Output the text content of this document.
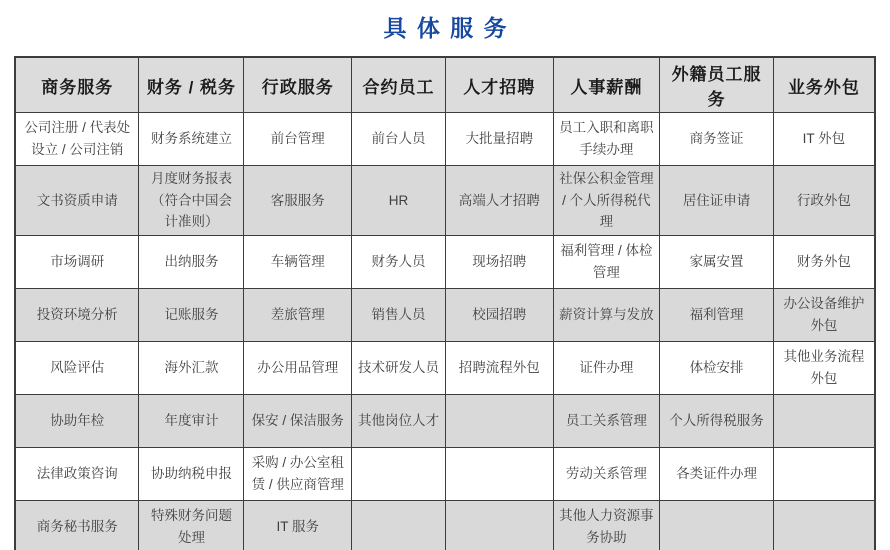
具体服务
商务服务	财务 / 税务	行政服务	合约员工	人才招聘	人事薪酬	外籍员工服务	业务外包
公司注册 / 代表处设立 / 公司注销	财务系统建立	前台管理	前台人员	大批量招聘	员工入职和离职手续办理	商务签证	IT 外包
文书资质申请	月度财务报表（符合中国会计准则）	客服服务	HR	高端人才招聘	社保公积金管理 / 个人所得税代理	居住证申请	行政外包
市场调研	出纳服务	车辆管理	财务人员	现场招聘	福利管理 / 体检管理	家属安置	财务外包
投资环境分析	记账服务	差旅管理	销售人员	校园招聘	薪资计算与发放	福利管理	办公设备维护外包
风险评估	海外汇款	办公用品管理	技术研发人员	招聘流程外包	证件办理	体检安排	其他业务流程外包
协助年检	年度审计	保安 / 保洁服务	其他岗位人才		员工关系管理	个人所得税服务	
法律政策咨询	协助纳税申报	采购 / 办公室租赁 / 供应商管理			劳动关系管理	各类证件办理	
商务秘书服务	特殊财务问题处理	IT 服务			其他人力资源事务协助		
